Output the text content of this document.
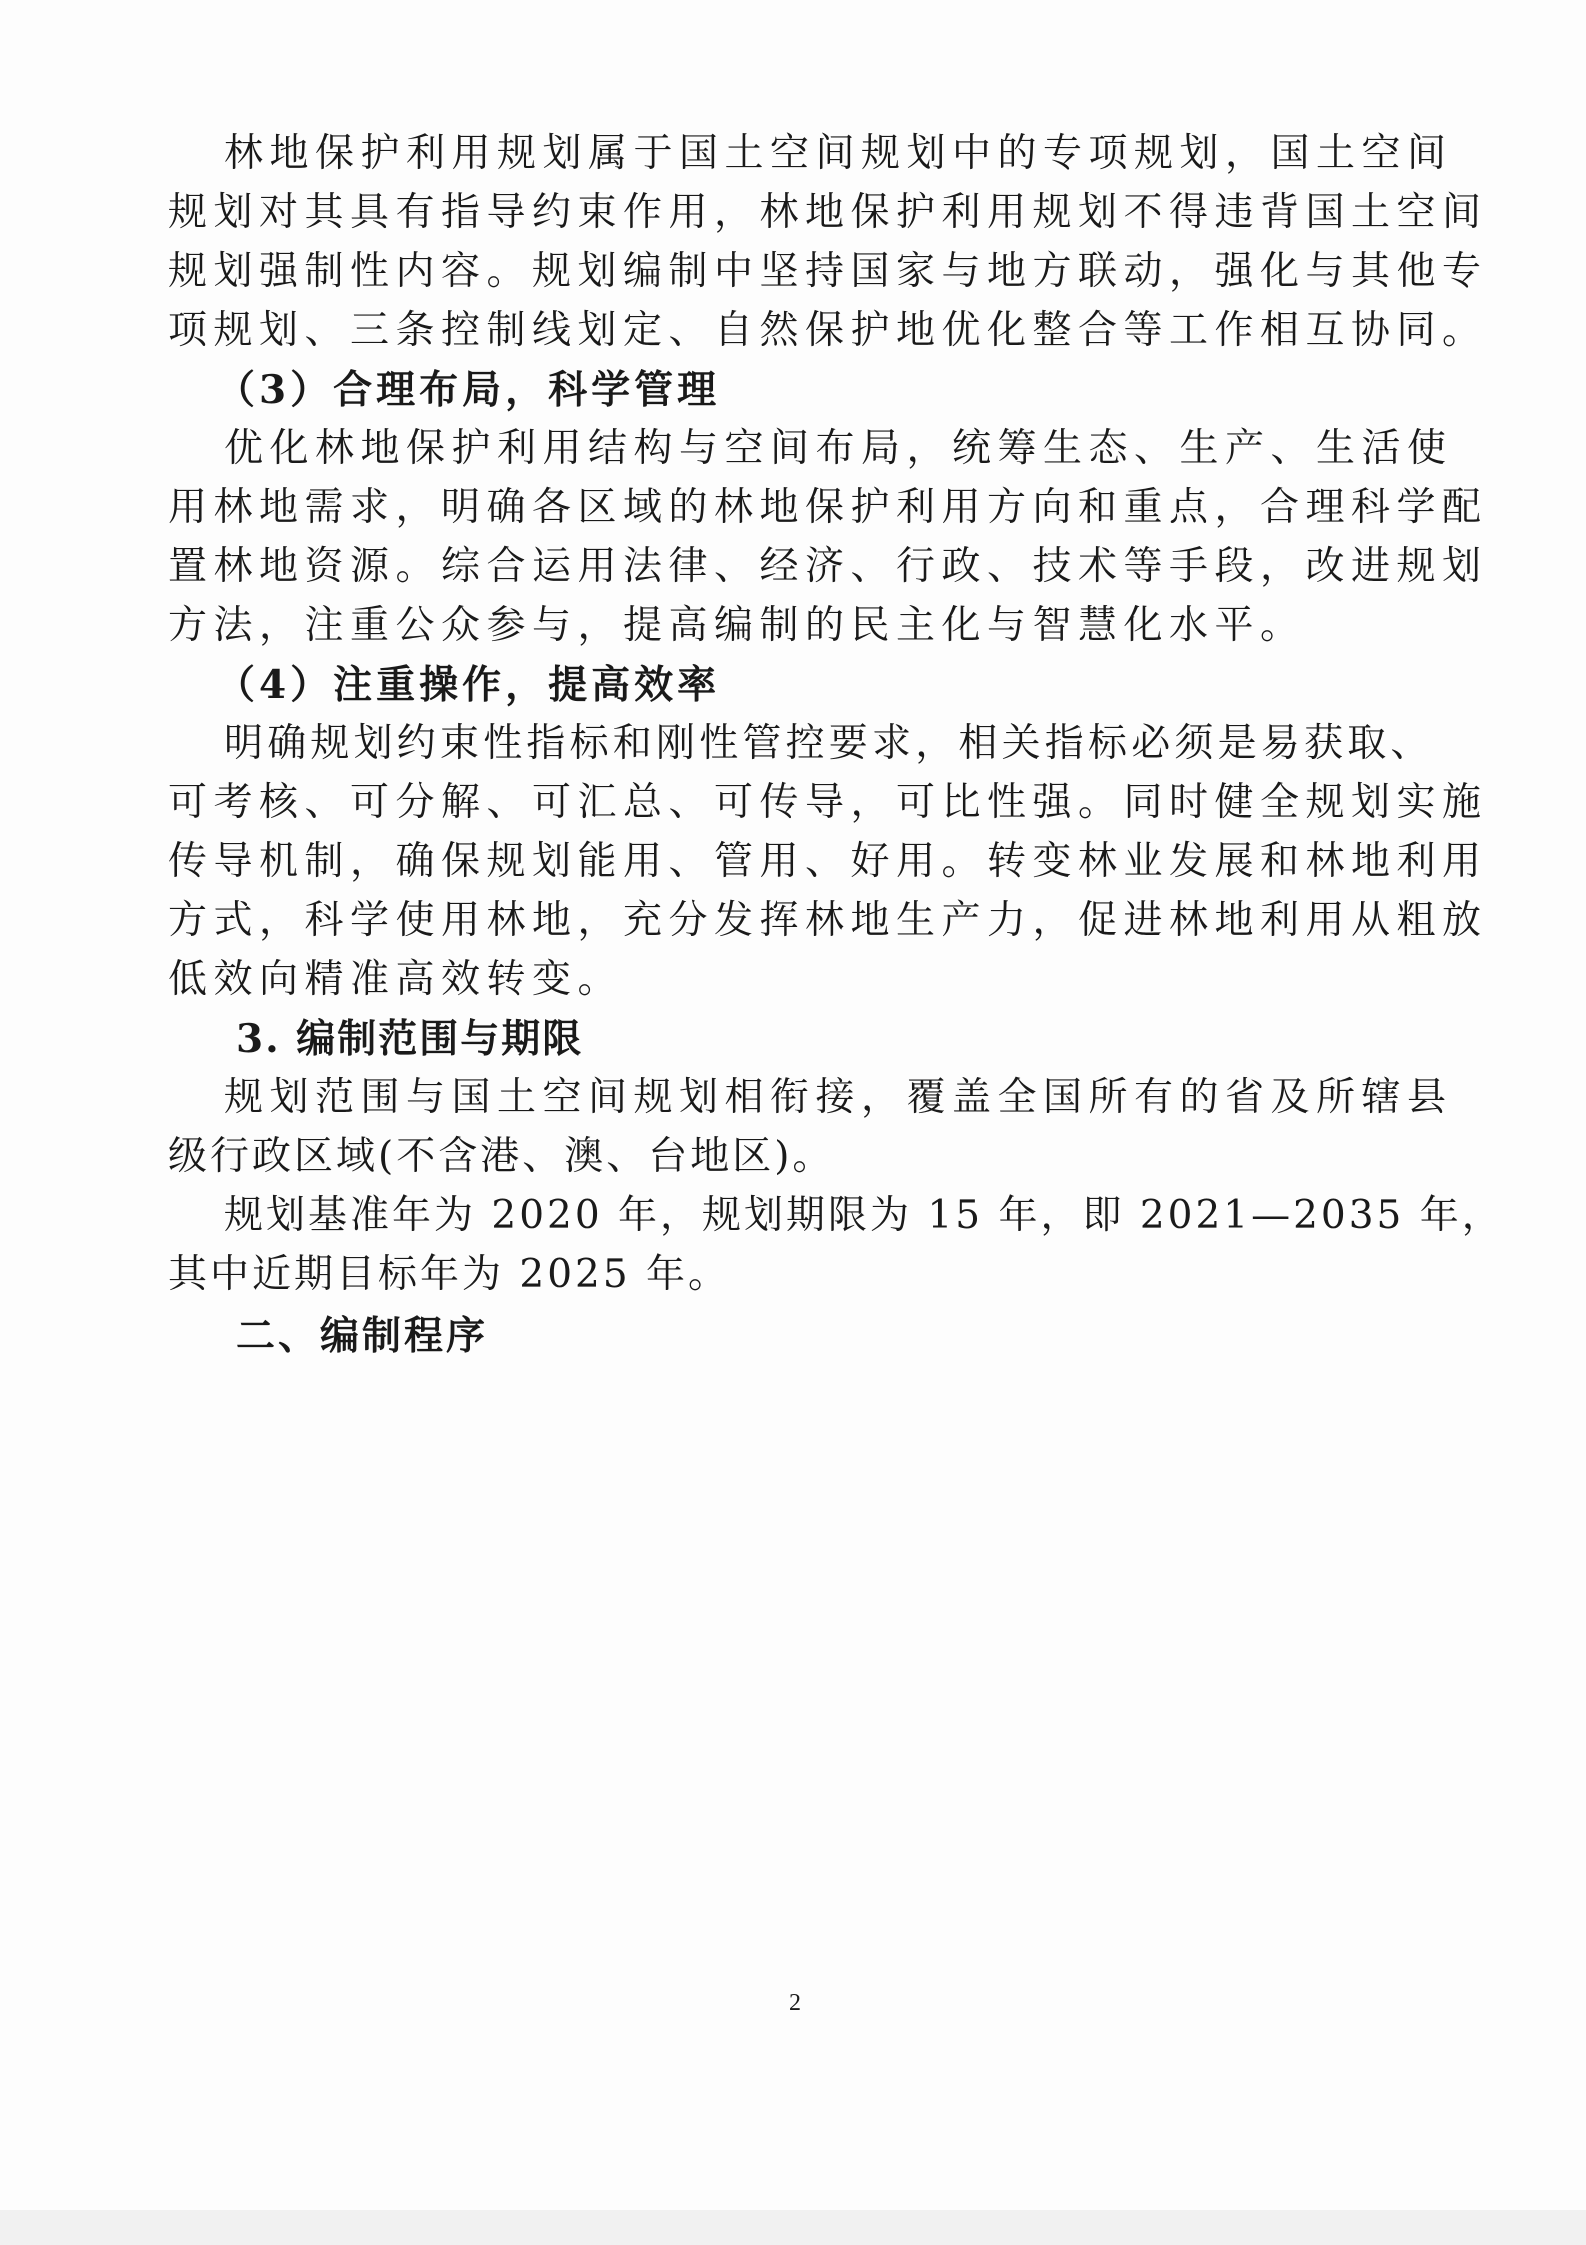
林地保护利用规划属于国土空间规划中的专项规划，国土空间
规划对其具有指导约束作用，林地保护利用规划不得违背国土空间
规划强制性内容。规划编制中坚持国家与地方联动，强化与其他专
项规划、三条控制线划定、自然保护地优化整合等工作相互协同。
（3）合理布局，科学管理
优化林地保护利用结构与空间布局，统筹生态、生产、生活使
用林地需求，明确各区域的林地保护利用方向和重点，合理科学配
置林地资源。综合运用法律、经济、行政、技术等手段，改进规划
方法，注重公众参与，提高编制的民主化与智慧化水平。
（4）注重操作，提高效率
明确规划约束性指标和刚性管控要求，相关指标必须是易获取、
可考核、可分解、可汇总、可传导，可比性强。同时健全规划实施
传导机制，确保规划能用、管用、好用。转变林业发展和林地利用
方式，科学使用林地，充分发挥林地生产力，促进林地利用从粗放
低效向精准高效转变。
3. 编制范围与期限
规划范围与国土空间规划相衔接，覆盖全国所有的省及所辖县
级行政区域(不含港、澳、台地区)。
规划基准年为 2020 年，规划期限为 15 年，即 2021—2035 年，
其中近期目标年为 2025 年。
二、编制程序
2
